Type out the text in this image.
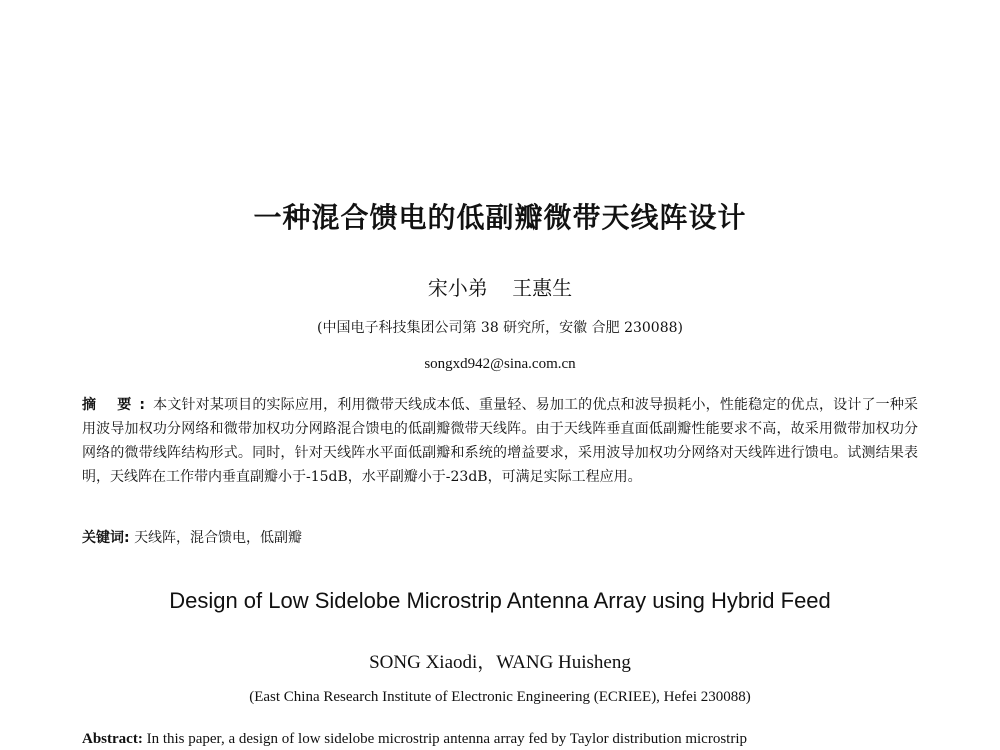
一种混合馈电的低副瓣微带天线阵设计
宋小弟 王惠生
(中国电子科技集团公司第 38 研究所，安徽 合肥 230088)
songxd942@sina.com.cn
摘 要:本文针对某项目的实际应用，利用微带天线成本低、重量轻、易加工的优点和波导损耗小，性能稳定的优点，设计了一种采用波导加权功分网络和微带加权功分网路混合馈电的低副瓣微带天线阵。由于天线阵垂直面低副瓣性能要求不高，故采用微带加权功分网络的微带线阵结构形式。同时，针对天线阵水平面低副瓣和系统的增益要求，采用波导加权功分网络对天线阵进行馈电。试测结果表明，天线阵在工作带内垂直副瓣小于-15dB，水平副瓣小于-23dB，可满足实际工程应用。
关键词: 天线阵，混合馈电，低副瓣
Design of Low Sidelobe Microstrip Antenna Array using Hybrid Feed
SONG Xiaodi，WANG Huisheng
(East China Research Institute of Electronic Engineering (ECRIEE), Hefei 230088)
Abstract: In this paper, a design of low sidelobe microstrip antenna array fed by Taylor distribution microstrip
